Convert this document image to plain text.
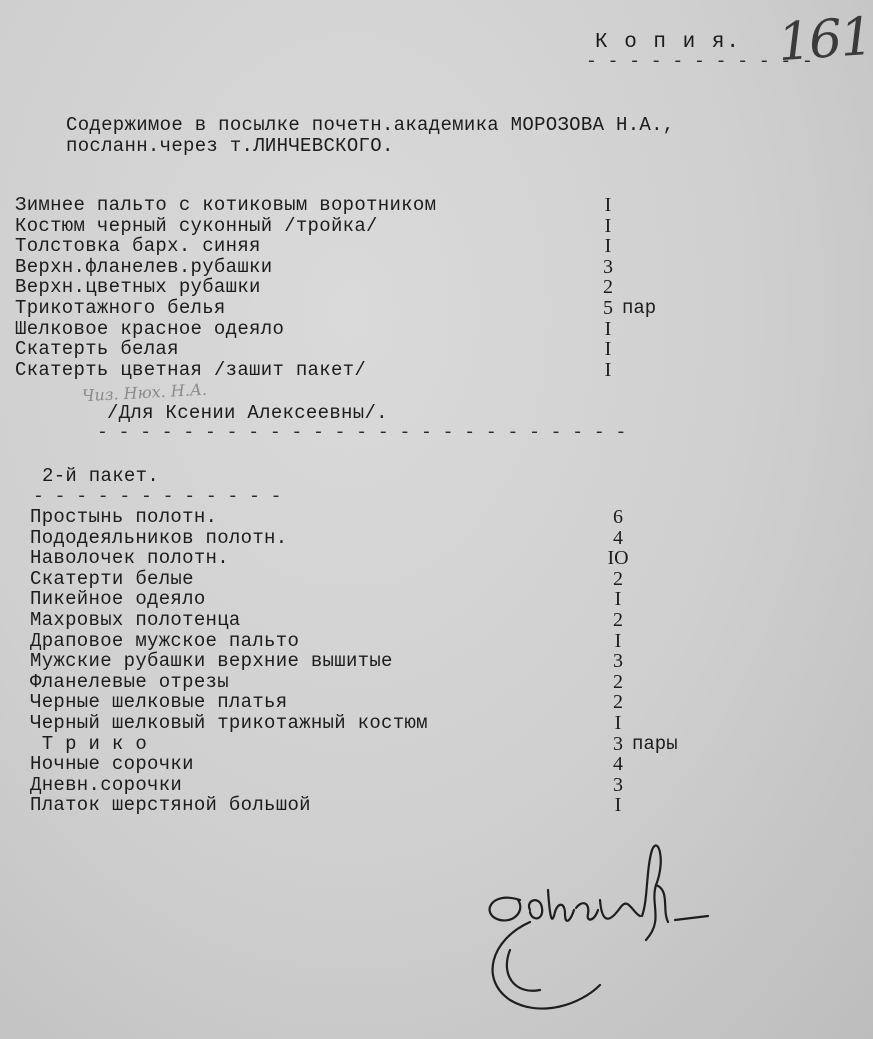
К о п и я.
- - - - - - - - - - -
161
Содержимое в посылке почетн.академика МОРОЗОВА Н.А.,
посланн.через т.ЛИНЧЕВСКОГО.
Зимнее пальто с котиковым воротником	I
Костюм черный суконный /тройка/	I
Толстовка барх. синяя	I
Верхн.фланелев.рубашки	3
Верхн.цветных рубашки	2
Трикотажного белья	5 пар
Шелковое красное одеяло	I
Скатерть белая	I
Скатерть цветная /зашит пакет/	I
Чиз. Нюх. Н.А.
/Для Ксении Алексеевны/.
- - - - - - - - - - - - - - - - - - - - - - - - -
2-й пакет.
- - - - - - - - - - - -
Простынь полотн.	6
Пододеяльников полотн.	4
Наволочек полотн.	IO
Скатерти белые	2
Пикейное одеяло	I
Махровых полотенца	2
Драповое мужское пальто	I
Мужские рубашки верхние вышитые	3
Фланелевые отрезы	2
Черные шелковые платья	2
Черный шелковый трикотажный костюм	I
Т р и к о	3 пары
Ночные сорочки	4
Дневн.сорочки	3
Платок шерстяной большой	I
